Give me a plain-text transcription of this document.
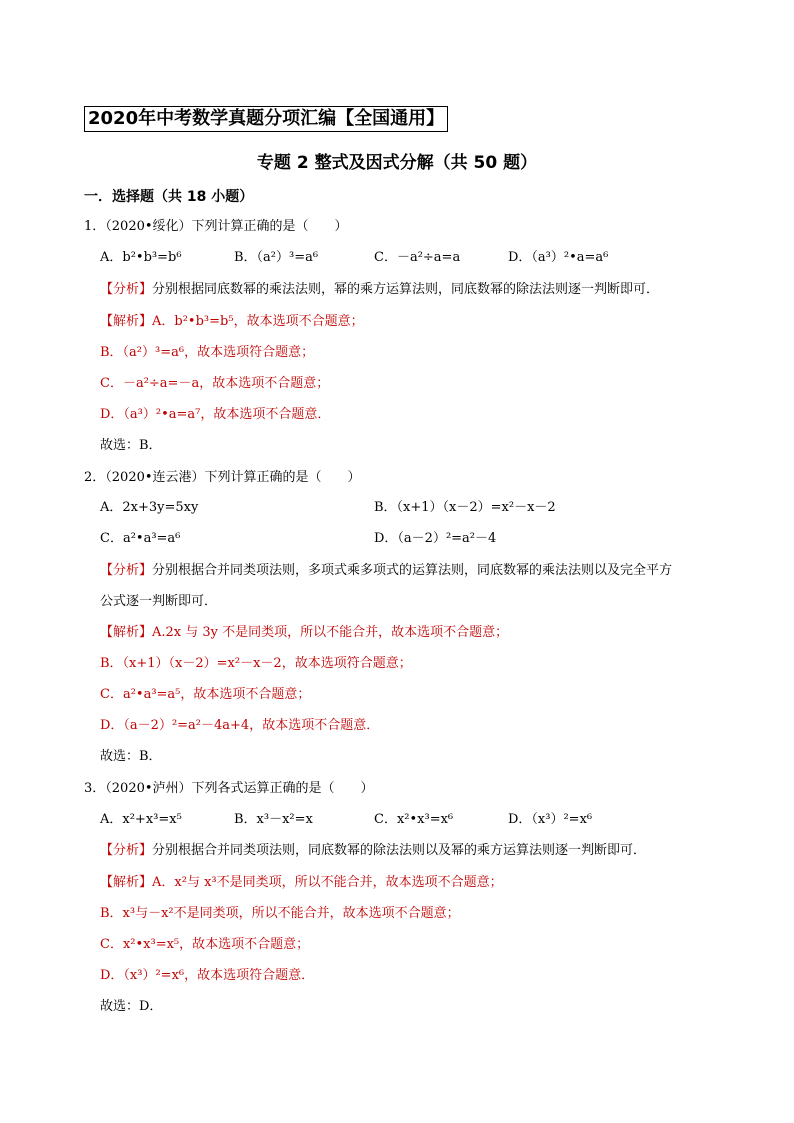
2020年中考数学真题分项汇编【全国通用】
专题 2 整式及因式分解（共 50 题）
一．选择题（共 18 小题）
1．（2020•绥化）下列计算正确的是（　　）
A．b²•b³=b⁶	B．（a²）³=a⁶	C．－a²÷a=a	D．（a³）²•a=a⁶
【分析】分别根据同底数幂的乘法法则，幂的乘方运算法则，同底数幂的除法法则逐一判断即可．
【解析】A．b²•b³=b⁵，故本选项不合题意；
B．（a²）³=a⁶，故本选项符合题意；
C．－a²÷a=－a，故本选项不合题意；
D．（a³）²•a=a⁷，故本选项不合题意．
故选：B．
2．（2020•连云港）下列计算正确的是（　　）
A．2x+3y=5xy	B．（x+1）（x－2）=x²－x－2
C．a²•a³=a⁶	D．（a－2）²=a²－4
【分析】分别根据合并同类项法则，多项式乘多项式的运算法则，同底数幂的乘法法则以及完全平方
公式逐一判断即可．
【解析】A.2x 与 3y 不是同类项，所以不能合并，故本选项不合题意；
B．（x+1）（x－2）=x²－x－2，故本选项符合题意；
C．a²•a³=a⁵，故本选项不合题意；
D．（a－2）²=a²－4a+4，故本选项不合题意．
故选：B．
3．（2020•泸州）下列各式运算正确的是（　　）
A．x²+x³=x⁵	B．x³－x²=x	C．x²•x³=x⁶	D．（x³）²=x⁶
【分析】分别根据合并同类项法则，同底数幂的除法法则以及幂的乘方运算法则逐一判断即可．
【解析】A．x²与 x³不是同类项，所以不能合并，故本选项不合题意；
B．x³与－x²不是同类项，所以不能合并，故本选项不合题意；
C．x²•x³=x⁵，故本选项不合题意；
D．（x³）²=x⁶，故本选项符合题意．
故选：D．
